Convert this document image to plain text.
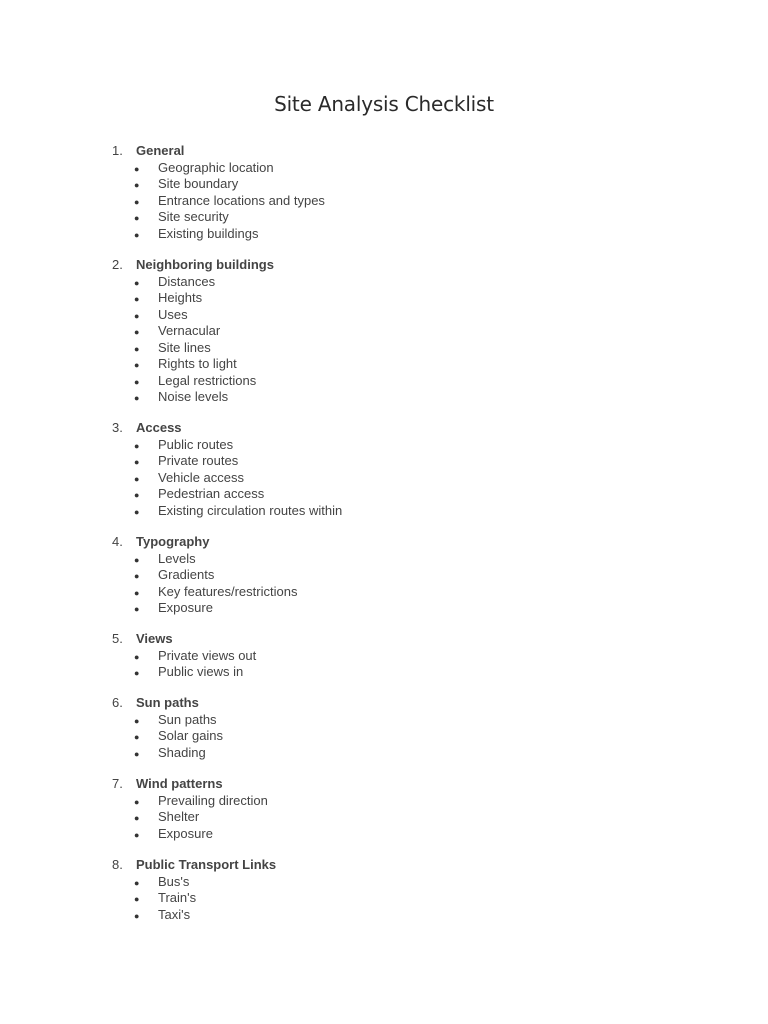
Site Analysis Checklist
1.	General
●	Geographic location
●	Site boundary
●	Entrance locations and types
●	Site security
●	Existing buildings
2.	Neighboring buildings
●	Distances
●	Heights
●	Uses
●	Vernacular
●	Site lines
●	Rights to light
●	Legal restrictions
●	Noise levels
3.	Access
●	Public routes
●	Private routes
●	Vehicle access
●	Pedestrian access
●	Existing circulation routes within
4.	Typography
●	Levels
●	Gradients
●	Key features/restrictions
●	Exposure
5.	Views
●	Private views out
●	Public views in
6.	Sun paths
●	Sun paths
●	Solar gains
●	Shading
7.	Wind patterns
●	Prevailing direction
●	Shelter
●	Exposure
8.	Public Transport Links
●	Bus's
●	Train's
●	Taxi's
